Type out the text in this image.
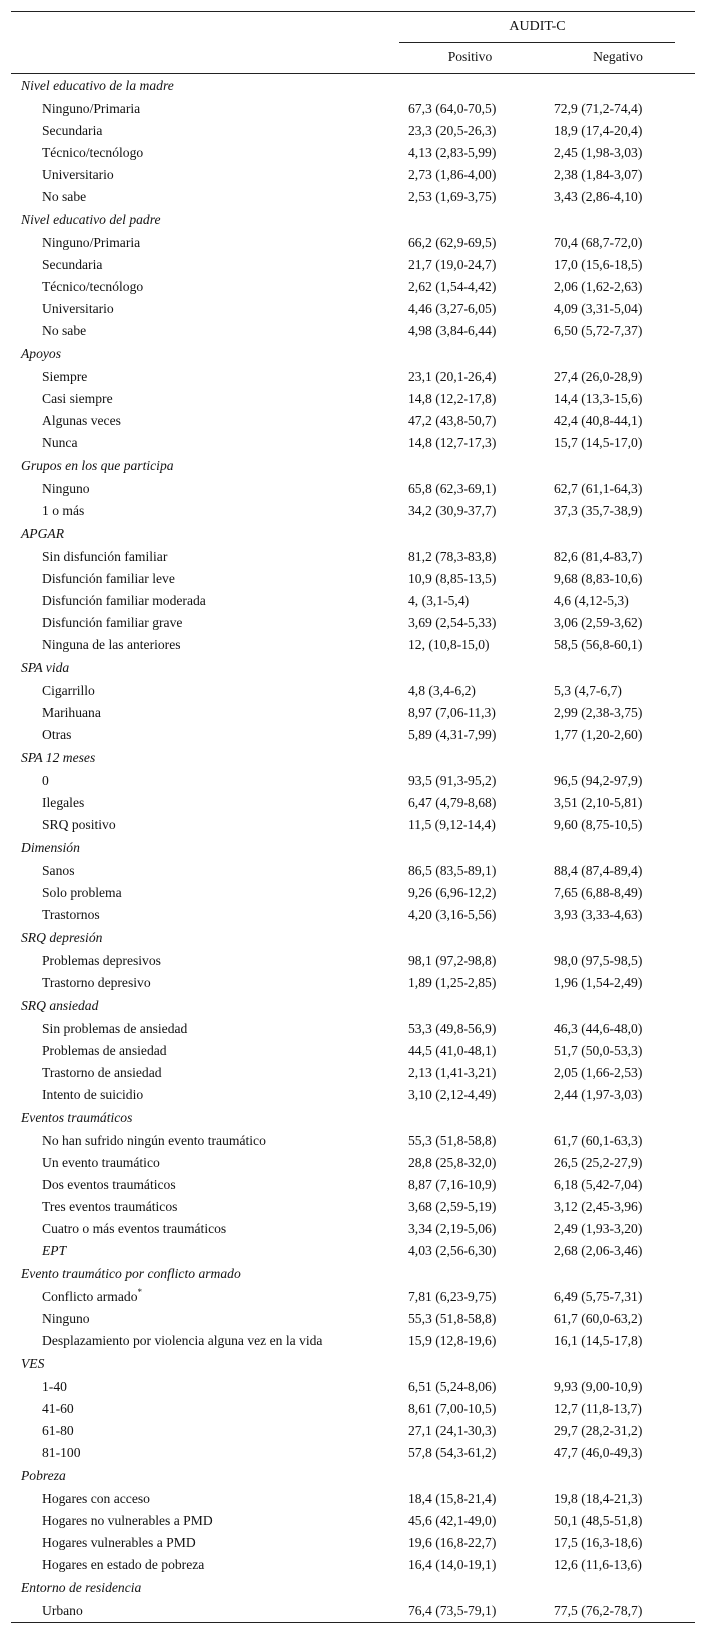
AUDIT-C
Positivo	Negativo
Nivel educativo de la madre
Ninguno/Primaria	67,3 (64,0-70,5)	72,9 (71,2-74,4)
Secundaria	23,3 (20,5-26,3)	18,9 (17,4-20,4)
Técnico/tecnólogo	4,13 (2,83-5,99)	2,45 (1,98-3,03)
Universitario	2,73 (1,86-4,00)	2,38 (1,84-3,07)
No sabe	2,53 (1,69-3,75)	3,43 (2,86-4,10)
Nivel educativo del padre
Ninguno/Primaria	66,2 (62,9-69,5)	70,4 (68,7-72,0)
Secundaria	21,7 (19,0-24,7)	17,0 (15,6-18,5)
Técnico/tecnólogo	2,62 (1,54-4,42)	2,06 (1,62-2,63)
Universitario	4,46 (3,27-6,05)	4,09 (3,31-5,04)
No sabe	4,98 (3,84-6,44)	6,50 (5,72-7,37)
Apoyos
Siempre	23,1 (20,1-26,4)	27,4 (26,0-28,9)
Casi siempre	14,8 (12,2-17,8)	14,4 (13,3-15,6)
Algunas veces	47,2 (43,8-50,7)	42,4 (40,8-44,1)
Nunca	14,8 (12,7-17,3)	15,7 (14,5-17,0)
Grupos en los que participa
Ninguno	65,8 (62,3-69,1)	62,7 (61,1-64,3)
1 o más	34,2 (30,9-37,7)	37,3 (35,7-38,9)
APGAR
Sin disfunción familiar	81,2 (78,3-83,8)	82,6 (81,4-83,7)
Disfunción familiar leve	10,9 (8,85-13,5)	9,68 (8,83-10,6)
Disfunción familiar moderada	4, (3,1-5,4)	4,6 (4,12-5,3)
Disfunción familiar grave	3,69 (2,54-5,33)	3,06 (2,59-3,62)
Ninguna de las anteriores	12, (10,8-15,0)	58,5 (56,8-60,1)
SPA vida
Cigarrillo	4,8 (3,4-6,2)	5,3 (4,7-6,7)
Marihuana	8,97 (7,06-11,3)	2,99 (2,38-3,75)
Otras	5,89 (4,31-7,99)	1,77 (1,20-2,60)
SPA 12 meses
0	93,5 (91,3-95,2)	96,5 (94,2-97,9)
Ilegales	6,47 (4,79-8,68)	3,51 (2,10-5,81)
SRQ positivo	11,5 (9,12-14,4)	9,60 (8,75-10,5)
Dimensión
Sanos	86,5 (83,5-89,1)	88,4 (87,4-89,4)
Solo problema	9,26 (6,96-12,2)	7,65 (6,88-8,49)
Trastornos	4,20 (3,16-5,56)	3,93 (3,33-4,63)
SRQ depresión
Problemas depresivos	98,1 (97,2-98,8)	98,0 (97,5-98,5)
Trastorno depresivo	1,89 (1,25-2,85)	1,96 (1,54-2,49)
SRQ ansiedad
Sin problemas de ansiedad	53,3 (49,8-56,9)	46,3 (44,6-48,0)
Problemas de ansiedad	44,5 (41,0-48,1)	51,7 (50,0-53,3)
Trastorno de ansiedad	2,13 (1,41-3,21)	2,05 (1,66-2,53)
Intento de suicidio	3,10 (2,12-4,49)	2,44 (1,97-3,03)
Eventos traumáticos
No han sufrido ningún evento traumático	55,3 (51,8-58,8)	61,7 (60,1-63,3)
Un evento traumático	28,8 (25,8-32,0)	26,5 (25,2-27,9)
Dos eventos traumáticos	8,87 (7,16-10,9)	6,18 (5,42-7,04)
Tres eventos traumáticos	3,68 (2,59-5,19)	3,12 (2,45-3,96)
Cuatro o más eventos traumáticos	3,34 (2,19-5,06)	2,49 (1,93-3,20)
EPT	4,03 (2,56-6,30)	2,68 (2,06-3,46)
Evento traumático por conflicto armado
Conflicto armado*	7,81 (6,23-9,75)	6,49 (5,75-7,31)
Ninguno	55,3 (51,8-58,8)	61,7 (60,0-63,2)
Desplazamiento por violencia alguna vez en la vida	15,9 (12,8-19,6)	16,1 (14,5-17,8)
VES
1-40	6,51 (5,24-8,06)	9,93 (9,00-10,9)
41-60	8,61 (7,00-10,5)	12,7 (11,8-13,7)
61-80	27,1 (24,1-30,3)	29,7 (28,2-31,2)
81-100	57,8 (54,3-61,2)	47,7 (46,0-49,3)
Pobreza
Hogares con acceso	18,4 (15,8-21,4)	19,8 (18,4-21,3)
Hogares no vulnerables a PMD	45,6 (42,1-49,0)	50,1 (48,5-51,8)
Hogares vulnerables a PMD	19,6 (16,8-22,7)	17,5 (16,3-18,6)
Hogares en estado de pobreza	16,4 (14,0-19,1)	12,6 (11,6-13,6)
Entorno de residencia
Urbano	76,4 (73,5-79,1)	77,5 (76,2-78,7)
